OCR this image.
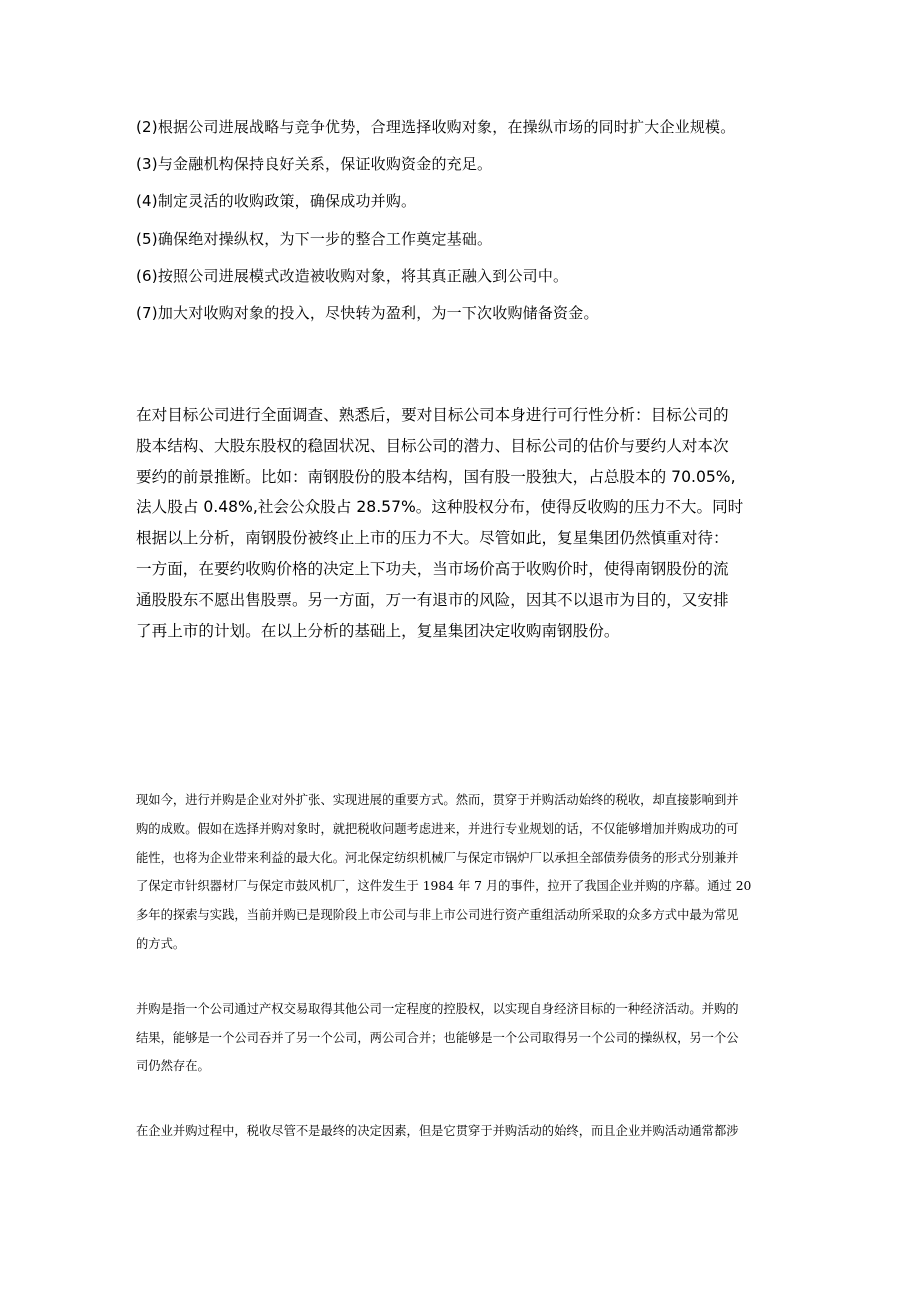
(2)根据公司进展战略与竞争优势，合理选择收购对象，在操纵市场的同时扩大企业规模。
(3)与金融机构保持良好关系，保证收购资金的充足。
(4)制定灵活的收购政策，确保成功并购。
(5)确保绝对操纵权，为下一步的整合工作奠定基础。
(6)按照公司进展模式改造被收购对象，将其真正融入到公司中。
(7)加大对收购对象的投入，尽快转为盈利，为一下次收购储备资金。
在对目标公司进行全面调查、熟悉后，要对目标公司本身进行可行性分析：目标公司的
股本结构、大股东股权的稳固状况、目标公司的潜力、目标公司的估价与要约人对本次
要约的前景推断。比如：南钢股份的股本结构，国有股一股独大，占总股本的 70.05%,
法人股占 0.48%,社会公众股占 28.57%。这种股权分布，使得反收购的压力不大。同时
根据以上分析，南钢股份被终止上市的压力不大。尽管如此，复星集团仍然慎重对待：
一方面，在要约收购价格的决定上下功夫，当市场价高于收购价时，使得南钢股份的流
通股股东不愿出售股票。另一方面，万一有退市的风险，因其不以退市为目的，又安排
了再上市的计划。在以上分析的基础上，复星集团决定收购南钢股份。
现如今，进行并购是企业对外扩张、实现进展的重要方式。然而，贯穿于并购活动始终的税收，却直接影响到并
购的成败。假如在选择并购对象时，就把税收问题考虑进来，并进行专业规划的话，不仅能够增加并购成功的可
能性，也将为企业带来利益的最大化。河北保定纺织机械厂与保定市锅炉厂以承担全部债券债务的形式分别兼并
了保定市针织器材厂与保定市鼓风机厂，这件发生于 1984 年 7 月的事件，拉开了我国企业并购的序幕。通过 20
多年的探索与实践，当前并购已是现阶段上市公司与非上市公司进行资产重组活动所采取的众多方式中最为常见
的方式。
并购是指一个公司通过产权交易取得其他公司一定程度的控股权，以实现自身经济目标的一种经济活动。并购的
结果，能够是一个公司吞并了另一个公司，两公司合并；也能够是一个公司取得另一个公司的操纵权，另一个公
司仍然存在。
在企业并购过程中，税收尽管不是最终的决定因素，但是它贯穿于并购活动的始终，而且企业并购活动通常都涉
